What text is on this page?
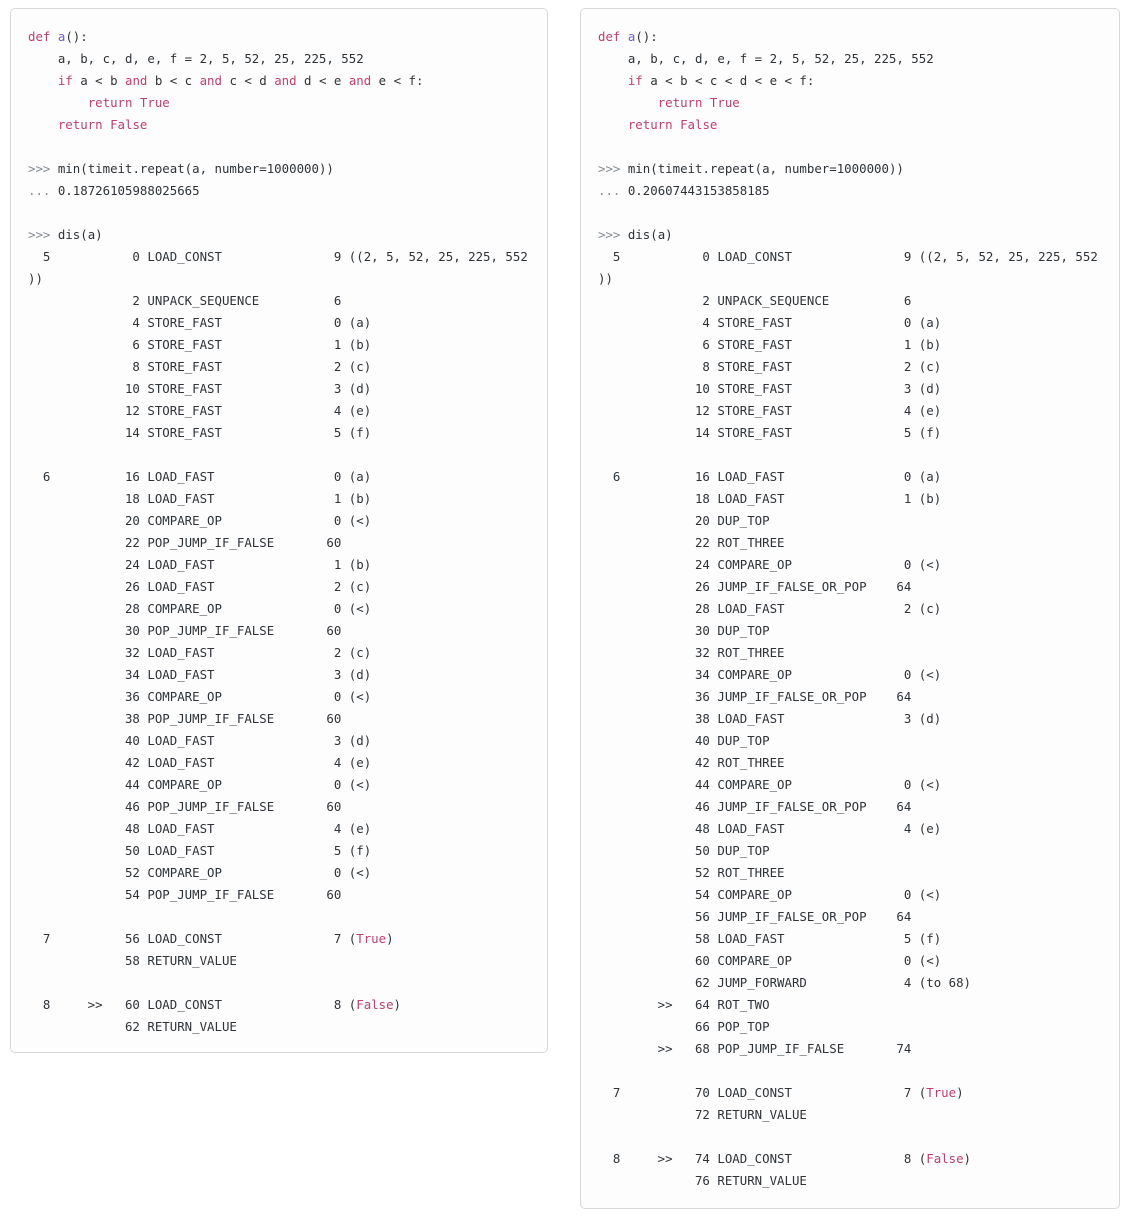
def a():
a, b, c, d, e, f = 2, 5, 52, 25, 225, 552
if a < b and b < c and c < d and d < e and e < f:
return True
return False

>>> min(timeit.repeat(a, number=1000000))
... 0.18726105988025665

>>> dis(a)
5           0 LOAD_CONST               9 ((2, 5, 52, 25, 225, 552
))
2 UNPACK_SEQUENCE          6
4 STORE_FAST               0 (a)
6 STORE_FAST               1 (b)
8 STORE_FAST               2 (c)
10 STORE_FAST               3 (d)
12 STORE_FAST               4 (e)
14 STORE_FAST               5 (f)

6          16 LOAD_FAST                0 (a)
18 LOAD_FAST                1 (b)
20 COMPARE_OP               0 (<)
22 POP_JUMP_IF_FALSE       60
24 LOAD_FAST                1 (b)
26 LOAD_FAST                2 (c)
28 COMPARE_OP               0 (<)
30 POP_JUMP_IF_FALSE       60
32 LOAD_FAST                2 (c)
34 LOAD_FAST                3 (d)
36 COMPARE_OP               0 (<)
38 POP_JUMP_IF_FALSE       60
40 LOAD_FAST                3 (d)
42 LOAD_FAST                4 (e)
44 COMPARE_OP               0 (<)
46 POP_JUMP_IF_FALSE       60
48 LOAD_FAST                4 (e)
50 LOAD_FAST                5 (f)
52 COMPARE_OP               0 (<)
54 POP_JUMP_IF_FALSE       60

7          56 LOAD_CONST               7 (True)
58 RETURN_VALUE

8     >>   60 LOAD_CONST               8 (False)
62 RETURN_VALUE
def a():
a, b, c, d, e, f = 2, 5, 52, 25, 225, 552
if a < b < c < d < e < f:
return True
return False

>>> min(timeit.repeat(a, number=1000000))
... 0.20607443153858185

>>> dis(a)
5           0 LOAD_CONST               9 ((2, 5, 52, 25, 225, 552
))
2 UNPACK_SEQUENCE          6
4 STORE_FAST               0 (a)
6 STORE_FAST               1 (b)
8 STORE_FAST               2 (c)
10 STORE_FAST               3 (d)
12 STORE_FAST               4 (e)
14 STORE_FAST               5 (f)

6          16 LOAD_FAST                0 (a)
18 LOAD_FAST                1 (b)
20 DUP_TOP
22 ROT_THREE
24 COMPARE_OP               0 (<)
26 JUMP_IF_FALSE_OR_POP    64
28 LOAD_FAST                2 (c)
30 DUP_TOP
32 ROT_THREE
34 COMPARE_OP               0 (<)
36 JUMP_IF_FALSE_OR_POP    64
38 LOAD_FAST                3 (d)
40 DUP_TOP
42 ROT_THREE
44 COMPARE_OP               0 (<)
46 JUMP_IF_FALSE_OR_POP    64
48 LOAD_FAST                4 (e)
50 DUP_TOP
52 ROT_THREE
54 COMPARE_OP               0 (<)
56 JUMP_IF_FALSE_OR_POP    64
58 LOAD_FAST                5 (f)
60 COMPARE_OP               0 (<)
62 JUMP_FORWARD             4 (to 68)
>>   64 ROT_TWO
66 POP_TOP
>>   68 POP_JUMP_IF_FALSE       74

7          70 LOAD_CONST               7 (True)
72 RETURN_VALUE

8     >>   74 LOAD_CONST               8 (False)
76 RETURN_VALUE
